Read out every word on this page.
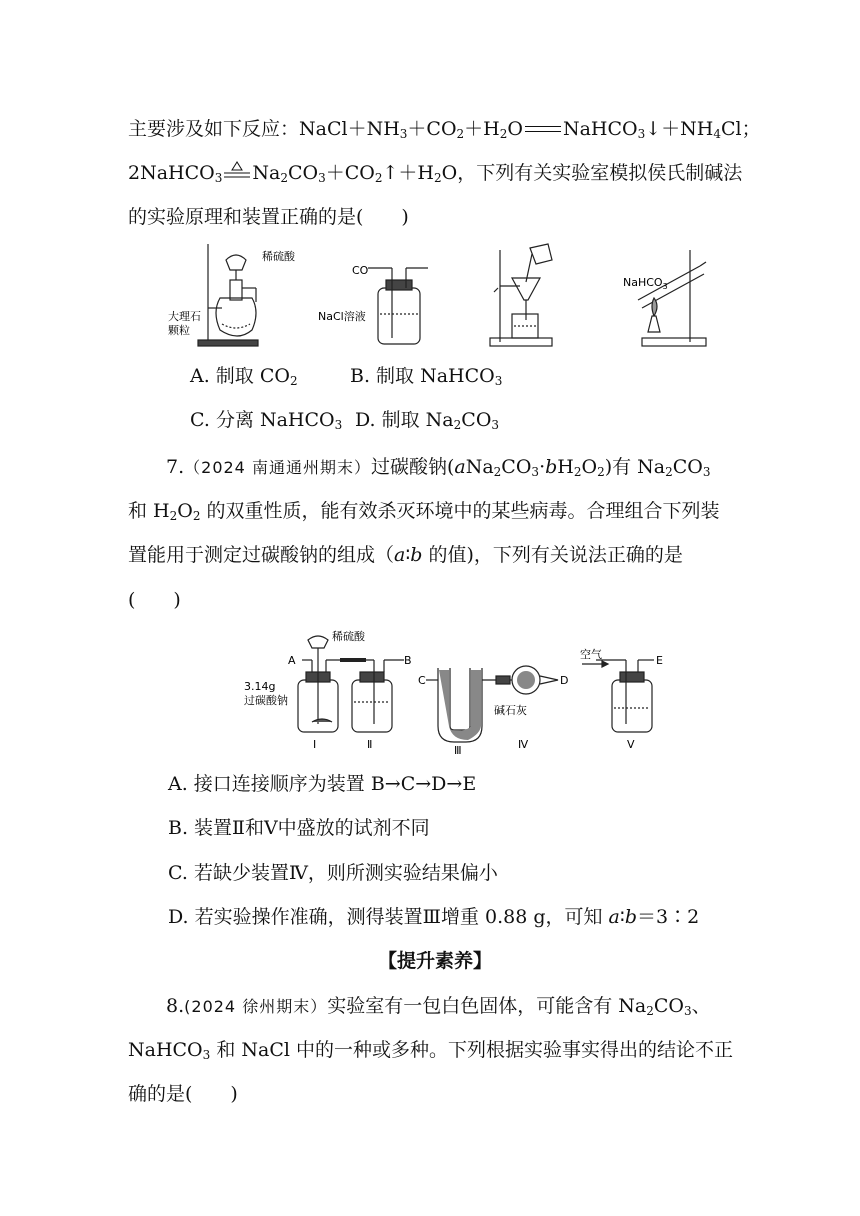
主要涉及如下反应：$NaCl+NH_3+CO_2+H_2O$ $NaHCO_3↓+NH_4Cl$；
2NaHCO$_3$ $Na_2CO_3+CO_2↑+H_2O$，下列有关实验室模拟侯氏制碱法
的实验原理和装置正确的是(　　)
稀硫酸
大理石
颗粒
CO
NaCl溶液
NaHCO$_3$
A. 制取 $CO_2$	B. 制取 NaHCO$_3$
C. 分离 NaHCO$_3$ D. 制取 $Na_2CO_3$
7.（2024 南通通州期末）过碳酸钠$(aNa_2CO_3\cdot bH_2O_2)$有 $Na_2CO_3$
和 $H_2O_2$ 的双重性质，能有效杀灭环境中的某些病毒。合理组合下列装
置能用于测定过碳酸钠的组成（a∶b 的值)，下列有关说法正确的是
(　　)
稀硫酸
A	B
C	D
E
3.14g
过碳酸钠
碱石灰
空气
Ⅰ	Ⅱ	Ⅲ	Ⅳ	Ⅴ
A. 接口连接顺序为装置 B→C→D→E
B. 装置Ⅱ和Ⅴ中盛放的试剂不同
C. 若缺少装置Ⅳ，则所测实验结果偏小
D. 若实验操作准确，测得装置Ⅲ增重 0.88 g，可知 a∶b＝3∶2
【提升素养】
8.(2024 徐州期末）实验室有一包白色固体，可能含有 $Na_2CO_3$、
NaHCO$_3$ 和 NaCl 中的一种或多种。下列根据实验事实得出的结论不正
确的是(　　)
